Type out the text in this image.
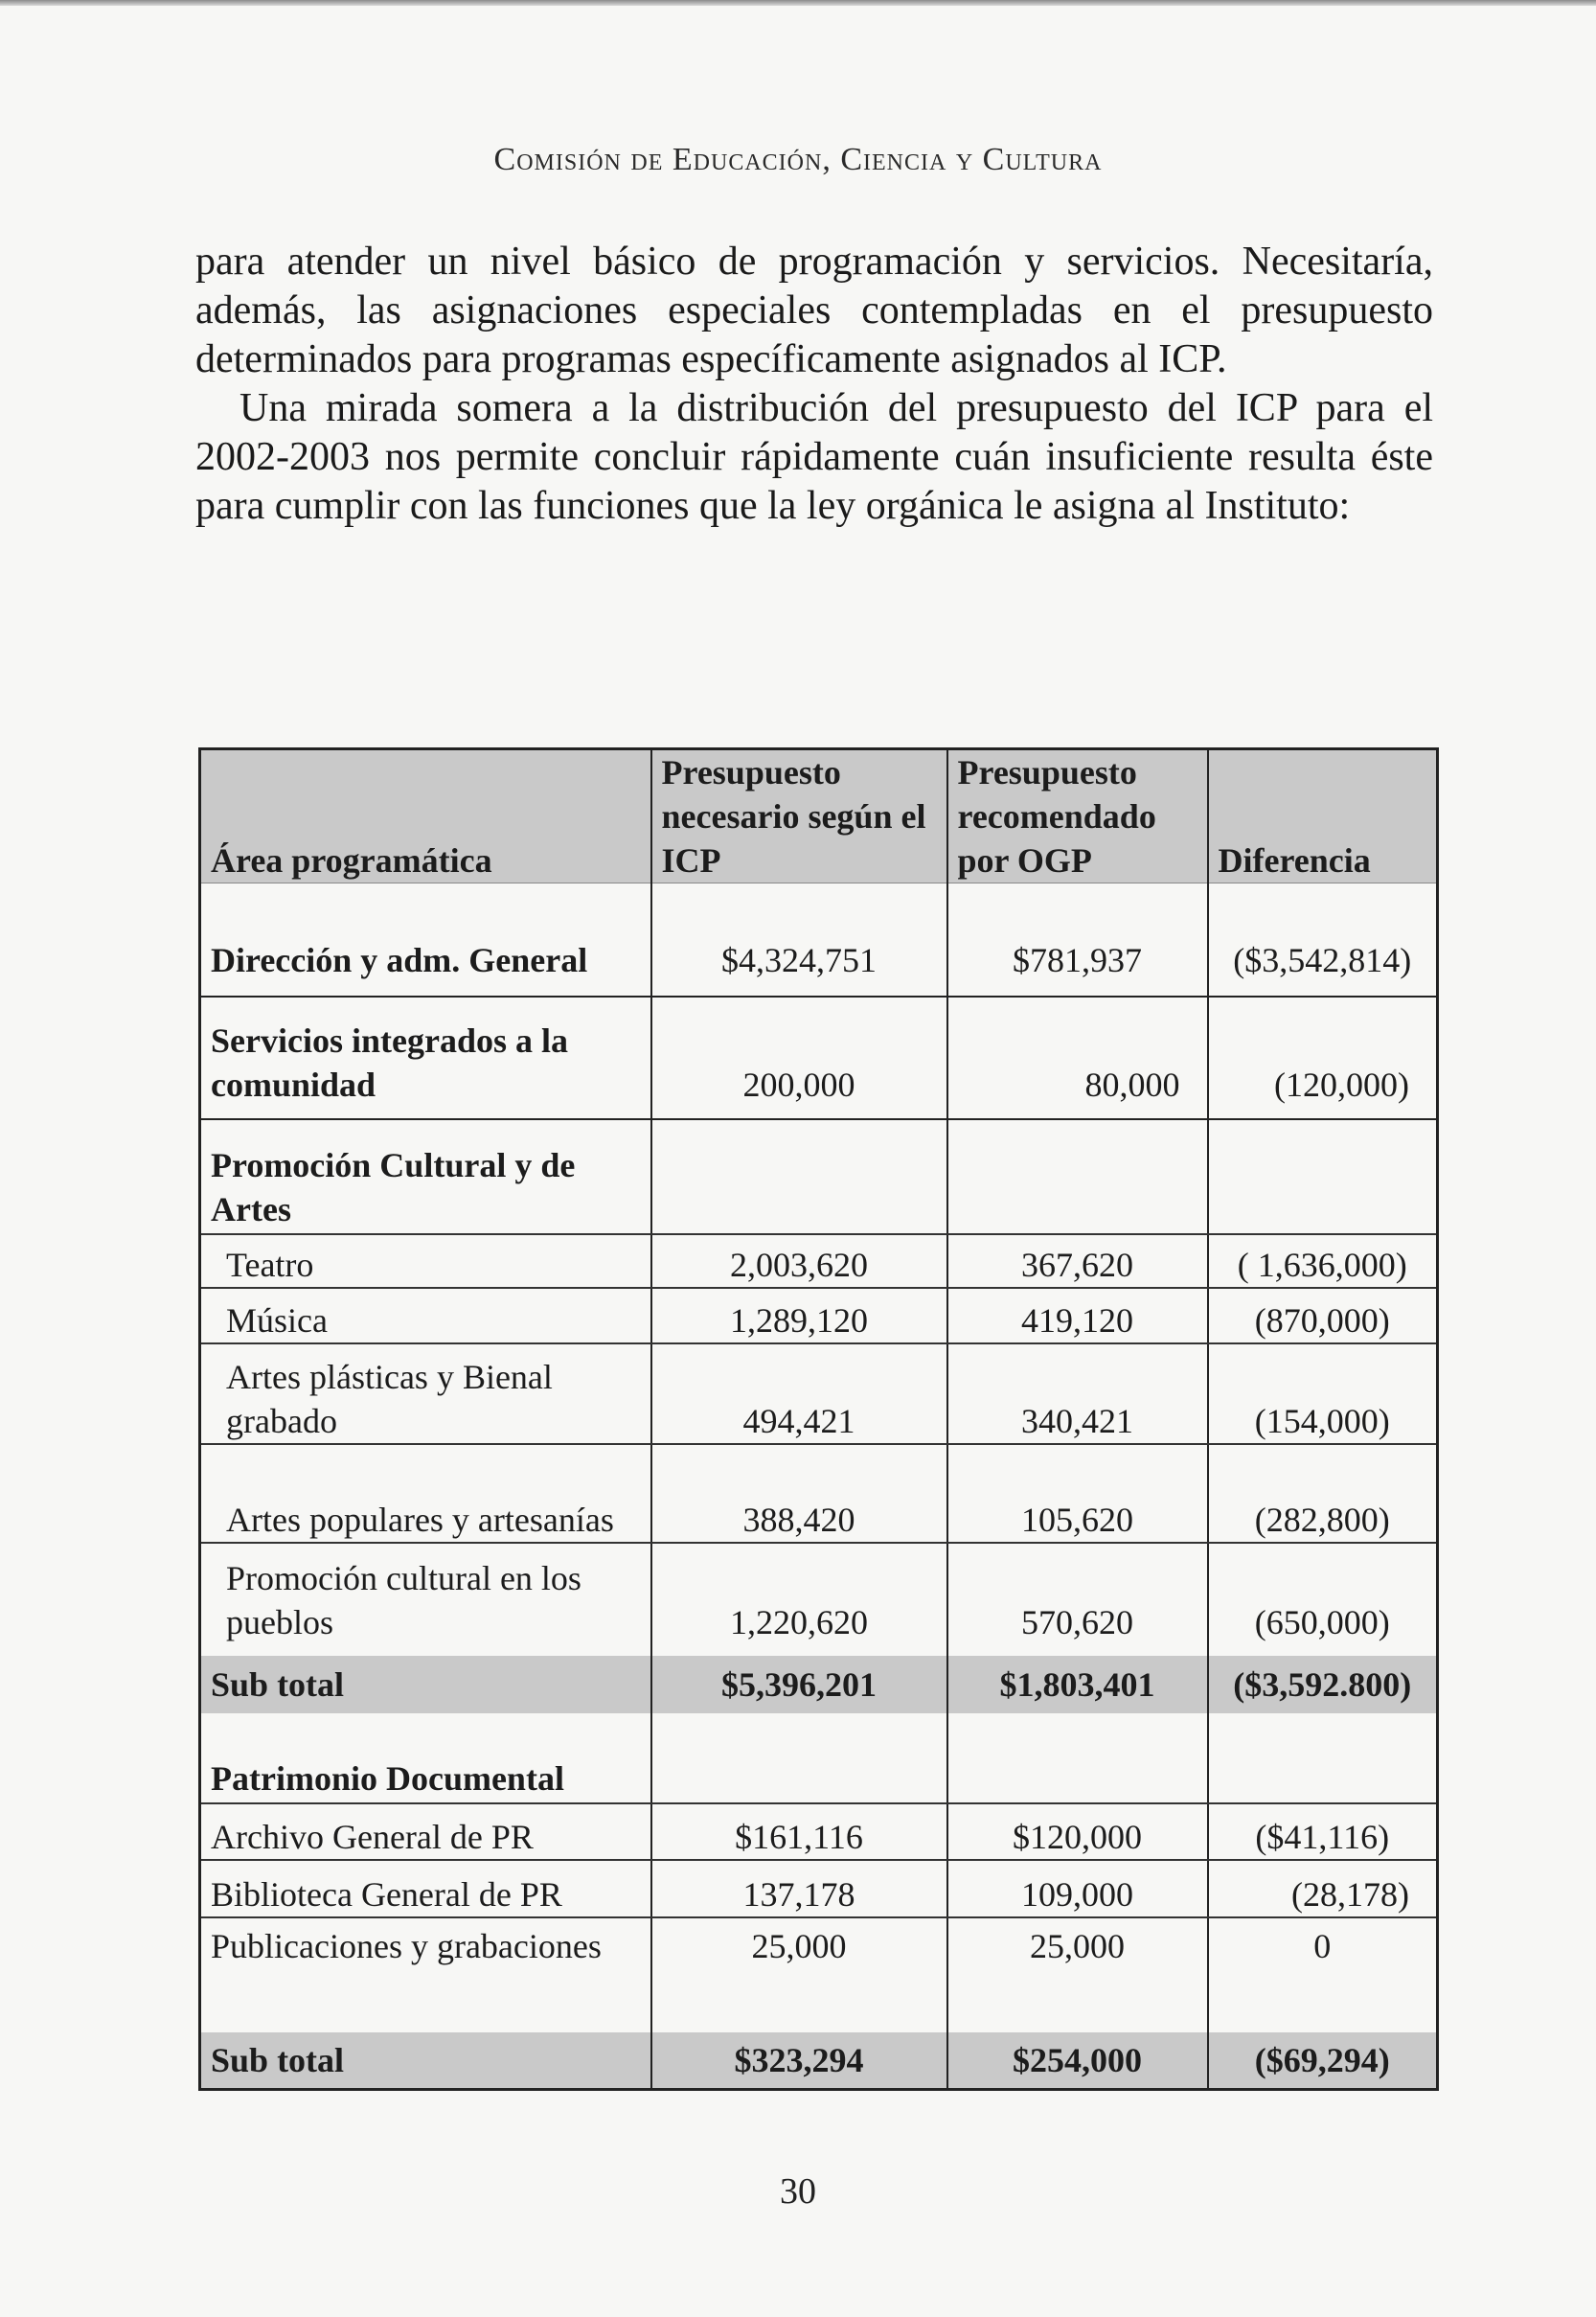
Comisión de Educación, Ciencia y Cultura

para atender un nivel básico de programación y servicios. Necesitaría, además, las asignaciones especiales contempladas en el presupuesto determinados para programas específicamente asignados al ICP.

Una mirada somera a la distribución del presupuesto del ICP para el 2002-2003 nos permite concluir rápidamente cuán insuficiente resulta éste para cumplir con las funciones que la ley orgánica le asigna al Instituto:

Área programática	Presupuesto necesario según el ICP	Presupuesto recomendado por OGP	Diferencia
Dirección y adm. General	$4,324,751	$781,937	($3,542,814)
Servicios integrados a la comunidad	200,000	80,000	(120,000)
Promoción Cultural y de Artes			
Teatro	2,003,620	367,620	( 1,636,000)
Música	1,289,120	419,120	(870,000)
Artes plásticas y Bienal grabado	494,421	340,421	(154,000)
Artes populares y artesanías	388,420	105,620	(282,800)
Promoción cultural en los pueblos	1,220,620	570,620	(650,000)
Sub total	$5,396,201	$1,803,401	($3,592.800)
Patrimonio Documental			
Archivo General de PR	$161,116	$120,000	($41,116)
Biblioteca General de PR	137,178	109,000	(28,178)
Publicaciones y grabaciones	25,000	25,000	0

Sub total	$323,294	$254,000	($69,294)
30
